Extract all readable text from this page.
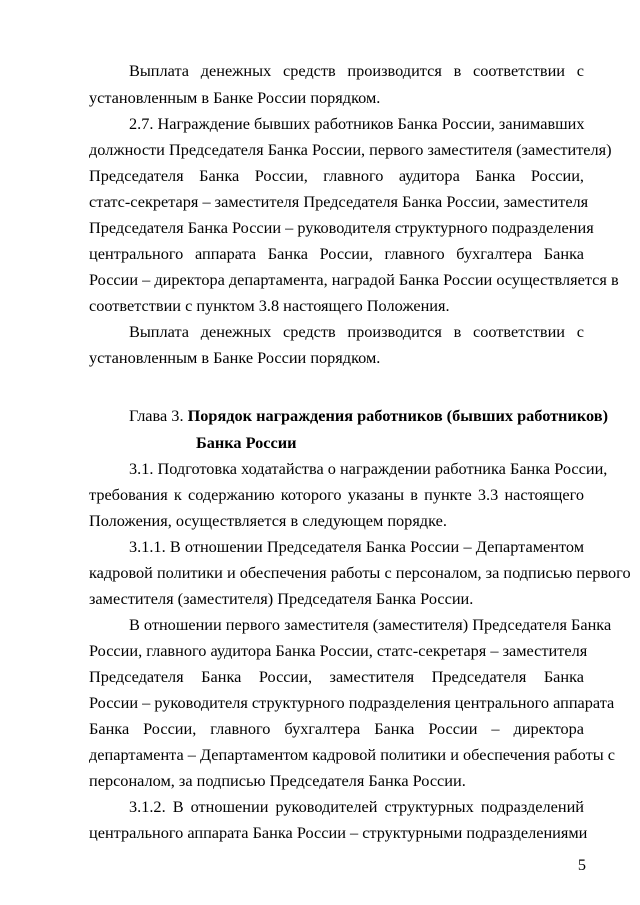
Выплата денежных средств производится в соответствии с
установленным в Банке России порядком.
2.7. Награждение бывших работников Банка России, занимавших
должности Председателя Банка России, первого заместителя (заместителя)
Председателя Банка России, главного аудитора Банка России,
статс-секретаря – заместителя Председателя Банка России, заместителя
Председателя Банка России – руководителя структурного подразделения
центрального аппарата Банка России, главного бухгалтера Банка
России – директора департамента, наградой Банка России осуществляется в
соответствии с пунктом 3.8 настоящего Положения.
Выплата денежных средств производится в соответствии с
установленным в Банке России порядком.
Глава 3. Порядок награждения работников (бывших работников)
Банка России
3.1. Подготовка ходатайства о награждении работника Банка России,
требования к содержанию которого указаны в пункте 3.3 настоящего
Положения, осуществляется в следующем порядке.
3.1.1. В отношении Председателя Банка России – Департаментом
кадровой политики и обеспечения работы с персоналом, за подписью первого
заместителя (заместителя) Председателя Банка России.
В отношении первого заместителя (заместителя) Председателя Банка
России, главного аудитора Банка России, статс-секретаря – заместителя
Председателя Банка России, заместителя Председателя Банка
России – руководителя структурного подразделения центрального аппарата
Банка России, главного бухгалтера Банка России – директора
департамента – Департаментом кадровой политики и обеспечения работы с
персоналом, за подписью Председателя Банка России.
3.1.2. В отношении руководителей структурных подразделений
центрального аппарата Банка России – структурными подразделениями
5
